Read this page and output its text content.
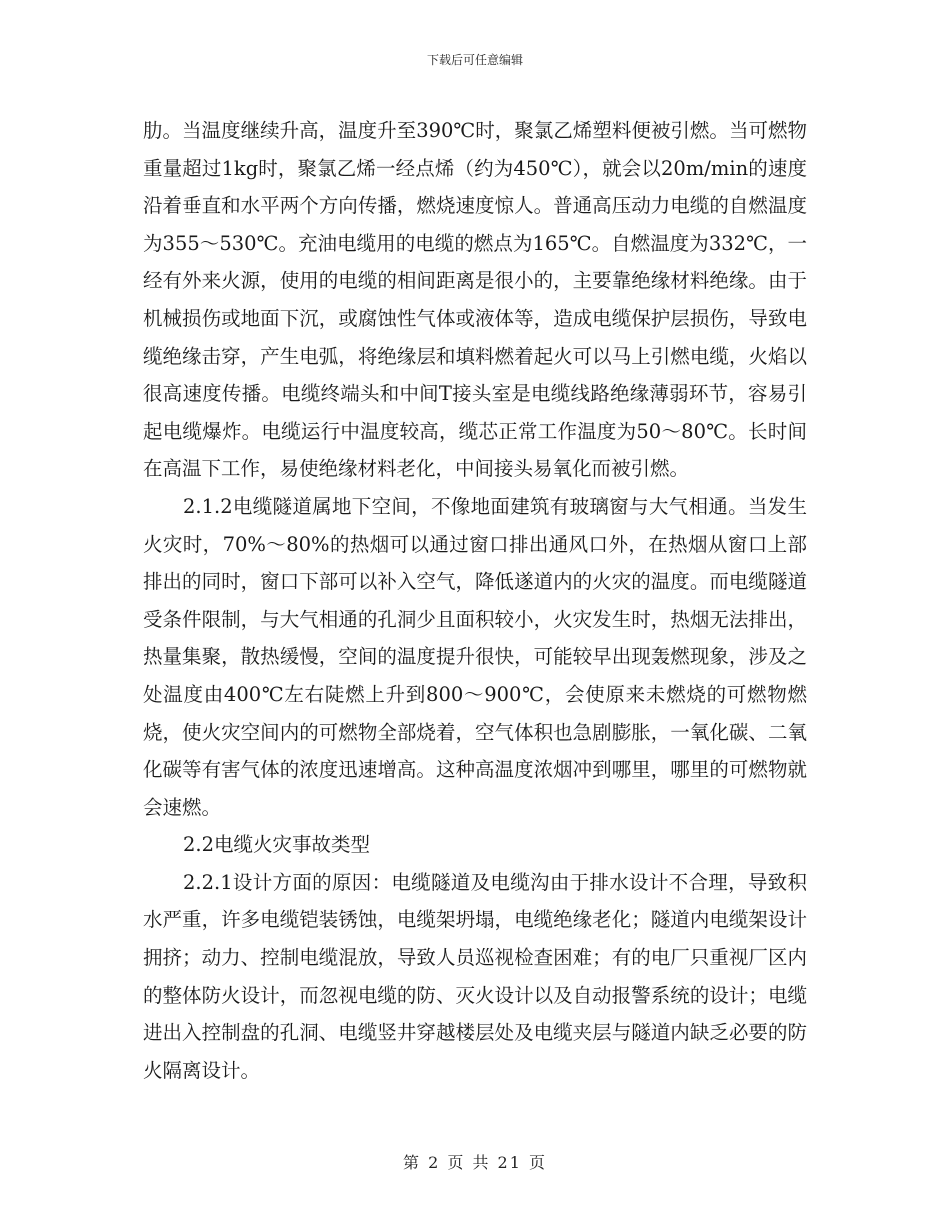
下载后可任意编辑

肋。当温度继续升高，温度升至390℃时，聚氯乙烯塑料便被引燃。当可燃物重量超过1kg时，聚氯乙烯一经点烯（约为450℃），就会以20m/min的速度沿着垂直和水平两个方向传播，燃烧速度惊人。普通高压动力电缆的自燃温度为355～530℃。充油电缆用的电缆的燃点为165℃。自燃温度为332℃，一经有外来火源，使用的电缆的相间距离是很小的，主要靠绝缘材料绝缘。由于机械损伤或地面下沉，或腐蚀性气体或液体等，造成电缆保护层损伤，导致电缆绝缘击穿，产生电弧，将绝缘层和填料燃着起火可以马上引燃电缆，火焰以很高速度传播。电缆终端头和中间T接头室是电缆线路绝缘薄弱环节，容易引起电缆爆炸。电缆运行中温度较高，缆芯正常工作温度为50～80℃。长时间在高温下工作，易使绝缘材料老化，中间接头易氧化而被引燃。

2.1.2电缆隧道属地下空间，不像地面建筑有玻璃窗与大气相通。当发生火灾时，70%～80%的热烟可以通过窗口排出通风口外，在热烟从窗口上部排出的同时，窗口下部可以补入空气，降低遂道内的火灾的温度。而电缆隧道受条件限制，与大气相通的孔洞少且面积较小，火灾发生时，热烟无法排出，热量集聚，散热缓慢，空间的温度提升很快，可能较早出现轰燃现象，涉及之处温度由400℃左右陡燃上升到800～900℃，会使原来未燃烧的可燃物燃烧，使火灾空间内的可燃物全部烧着，空气体积也急剧膨胀，一氧化碳、二氧化碳等有害气体的浓度迅速增高。这种高温度浓烟冲到哪里，哪里的可燃物就会速燃。

2.2电缆火灾事故类型

2.2.1设计方面的原因：电缆隧道及电缆沟由于排水设计不合理，导致积水严重，许多电缆铠装锈蚀，电缆架坍塌，电缆绝缘老化；隧道内电缆架设计拥挤；动力、控制电缆混放，导致人员巡视检查困难；有的电厂只重视厂区内的整体防火设计，而忽视电缆的防、灭火设计以及自动报警系统的设计；电缆进出入控制盘的孔洞、电缆竖井穿越楼层处及电缆夹层与隧道内缺乏必要的防火隔离设计。

第 2 页 共 21 页
